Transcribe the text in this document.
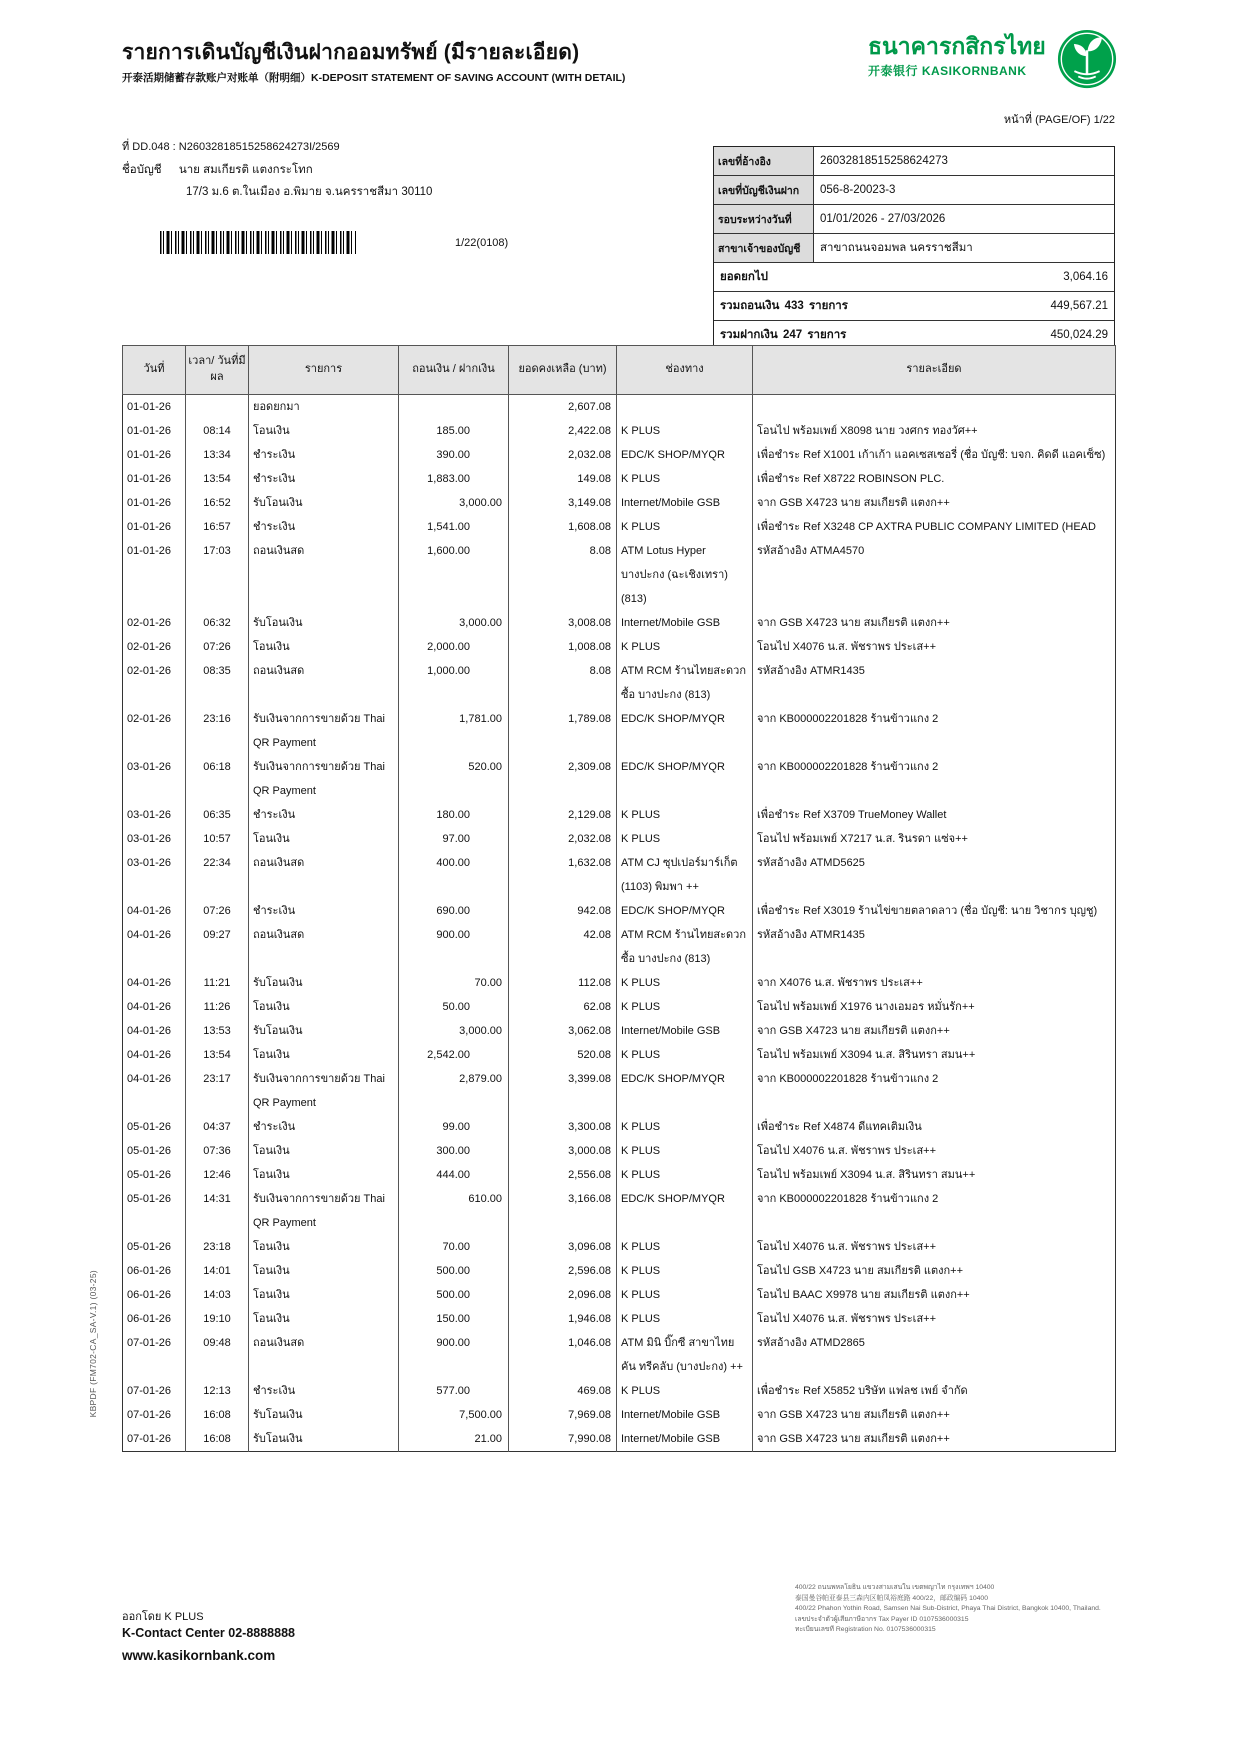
รายการเดินบัญชีเงินฝากออมทรัพย์ (มีรายละเอียด)
开泰活期储蓄存款账户对账单（附明细）K-DEPOSIT STATEMENT OF SAVING ACCOUNT (WITH DETAIL)
ธนาคารกสิกรไทย
开泰银行 KASIKORNBANK
หน้าที่ (PAGE/OF) 1/22
ที่ DD.048 : N26032818515258624273I/2569
ชื่อบัญชี นาย สมเกียรติ แตงกระโทก
17/3 ม.6 ต.ในเมือง อ.พิมาย จ.นครราชสีมา 30110
1/22(0108)
เลขที่อ้างอิง	26032818515258624273
เลขที่บัญชีเงินฝาก	056-8-20023-3
รอบระหว่างวันที่	01/01/2026 - 27/03/2026
สาขาเจ้าของบัญชี	สาขาถนนจอมพล นครราชสีมา
ยอดยกไป	3,064.16
รวมถอนเงิน 433 รายการ	449,567.21
รวมฝากเงิน 247 รายการ	450,024.29
วันที่	เวลา/ วันที่มีผล	รายการ	ถอนเงิน / ฝากเงิน	ยอดคงเหลือ (บาท)	ช่องทาง	รายละเอียด
01-01-26		ยอดยกมา		2,607.08		
01-01-26	08:14	โอนเงิน	185.00	2,422.08	K PLUS	โอนไป พร้อมเพย์ X8098 นาย วงศกร ทองวัศ++
01-01-26	13:34	ชำระเงิน	390.00	2,032.08	EDC/K SHOP/MYQR	เพื่อชำระ Ref X1001 เก้าเก้า แอคเซสเซอรี่ (ชื่อ บัญชี: บจก. คิดดี แอคเซ็ซ)
01-01-26	13:54	ชำระเงิน	1,883.00	149.08	K PLUS	เพื่อชำระ Ref X8722 ROBINSON PLC.
01-01-26	16:52	รับโอนเงิน	3,000.00	3,149.08	Internet/Mobile GSB	จาก GSB X4723 นาย สมเกียรติ แตงก++
01-01-26	16:57	ชำระเงิน	1,541.00	1,608.08	K PLUS	เพื่อชำระ Ref X3248 CP AXTRA PUBLIC COMPANY LIMITED (HEAD
01-01-26	17:03	ถอนเงินสด	1,600.00	8.08	ATM Lotus Hyper บางปะกง (ฉะเชิงเทรา) (813)	รหัสอ้างอิง ATMA4570
02-01-26	06:32	รับโอนเงิน	3,000.00	3,008.08	Internet/Mobile GSB	จาก GSB X4723 นาย สมเกียรติ แตงก++
02-01-26	07:26	โอนเงิน	2,000.00	1,008.08	K PLUS	โอนไป X4076 น.ส. พัชราพร ประเส++
02-01-26	08:35	ถอนเงินสด	1,000.00	8.08	ATM RCM ร้านไทยสะดวก ซื้อ บางปะกง (813)	รหัสอ้างอิง ATMR1435
02-01-26	23:16	รับเงินจากการขายด้วย Thai QR Payment	1,781.00	1,789.08	EDC/K SHOP/MYQR	จาก KB000002201828 ร้านข้าวแกง 2
03-01-26	06:18	รับเงินจากการขายด้วย Thai QR Payment	520.00	2,309.08	EDC/K SHOP/MYQR	จาก KB000002201828 ร้านข้าวแกง 2
03-01-26	06:35	ชำระเงิน	180.00	2,129.08	K PLUS	เพื่อชำระ Ref X3709 TrueMoney Wallet
03-01-26	10:57	โอนเงิน	97.00	2,032.08	K PLUS	โอนไป พร้อมเพย์ X7217 น.ส. รินรดา แซ่จ++
03-01-26	22:34	ถอนเงินสด	400.00	1,632.08	ATM CJ ซุปเปอร์มาร์เก็ต (1103) พิมพา ++	รหัสอ้างอิง ATMD5625
04-01-26	07:26	ชำระเงิน	690.00	942.08	EDC/K SHOP/MYQR	เพื่อชำระ Ref X3019 ร้านไข่ขายตลาดลาว (ชื่อ บัญชี: นาย วิชากร บุญชู)
04-01-26	09:27	ถอนเงินสด	900.00	42.08	ATM RCM ร้านไทยสะดวก ซื้อ บางปะกง (813)	รหัสอ้างอิง ATMR1435
04-01-26	11:21	รับโอนเงิน	70.00	112.08	K PLUS	จาก X4076 น.ส. พัชราพร ประเส++
04-01-26	11:26	โอนเงิน	50.00	62.08	K PLUS	โอนไป พร้อมเพย์ X1976 นางเอมอร หมั่นรัก++
04-01-26	13:53	รับโอนเงิน	3,000.00	3,062.08	Internet/Mobile GSB	จาก GSB X4723 นาย สมเกียรติ แตงก++
04-01-26	13:54	โอนเงิน	2,542.00	520.08	K PLUS	โอนไป พร้อมเพย์ X3094 น.ส. สิรินทรา สมน++
04-01-26	23:17	รับเงินจากการขายด้วย Thai QR Payment	2,879.00	3,399.08	EDC/K SHOP/MYQR	จาก KB000002201828 ร้านข้าวแกง 2
05-01-26	04:37	ชำระเงิน	99.00	3,300.08	K PLUS	เพื่อชำระ Ref X4874 ดีแทคเติมเงิน
05-01-26	07:36	โอนเงิน	300.00	3,000.08	K PLUS	โอนไป X4076 น.ส. พัชราพร ประเส++
05-01-26	12:46	โอนเงิน	444.00	2,556.08	K PLUS	โอนไป พร้อมเพย์ X3094 น.ส. สิรินทรา สมน++
05-01-26	14:31	รับเงินจากการขายด้วย Thai QR Payment	610.00	3,166.08	EDC/K SHOP/MYQR	จาก KB000002201828 ร้านข้าวแกง 2
05-01-26	23:18	โอนเงิน	70.00	3,096.08	K PLUS	โอนไป X4076 น.ส. พัชราพร ประเส++
06-01-26	14:01	โอนเงิน	500.00	2,596.08	K PLUS	โอนไป GSB X4723 นาย สมเกียรติ แตงก++
06-01-26	14:03	โอนเงิน	500.00	2,096.08	K PLUS	โอนไป BAAC X9978 นาย สมเกียรติ แตงก++
06-01-26	19:10	โอนเงิน	150.00	1,946.08	K PLUS	โอนไป X4076 น.ส. พัชราพร ประเส++
07-01-26	09:48	ถอนเงินสด	900.00	1,046.08	ATM มินิ บิ๊กซี สาขาไทยคัน ทรีคลับ (บางปะกง) ++	รหัสอ้างอิง ATMD2865
07-01-26	12:13	ชำระเงิน	577.00	469.08	K PLUS	เพื่อชำระ Ref X5852 บริษัท แฟลช เพย์ จำกัด
07-01-26	16:08	รับโอนเงิน	7,500.00	7,969.08	Internet/Mobile GSB	จาก GSB X4723 นาย สมเกียรติ แตงก++
07-01-26	16:08	รับโอนเงิน	21.00	7,990.08	Internet/Mobile GSB	จาก GSB X4723 นาย สมเกียรติ แตงก++
KBPDF (FM702-CA_SA-V.1) (03-25)
ออกโดย K PLUS
K-Contact Center 02-8888888
www.kasikornbank.com
400/22 ถนนพหลโยธิน แขวงสามเสนใน เขตพญาไท กรุงเทพฯ 10400
泰国曼谷帕亚泰县三森内区帕凤裕庭路 400/22，邮政编码 10400
400/22 Phahon Yothin Road, Samsen Nai Sub-District, Phaya Thai District, Bangkok 10400, Thailand.
เลขประจำตัวผู้เสียภาษีอากร Tax Payer ID 0107536000315
ทะเบียนเลขที่ Registration No. 0107536000315
